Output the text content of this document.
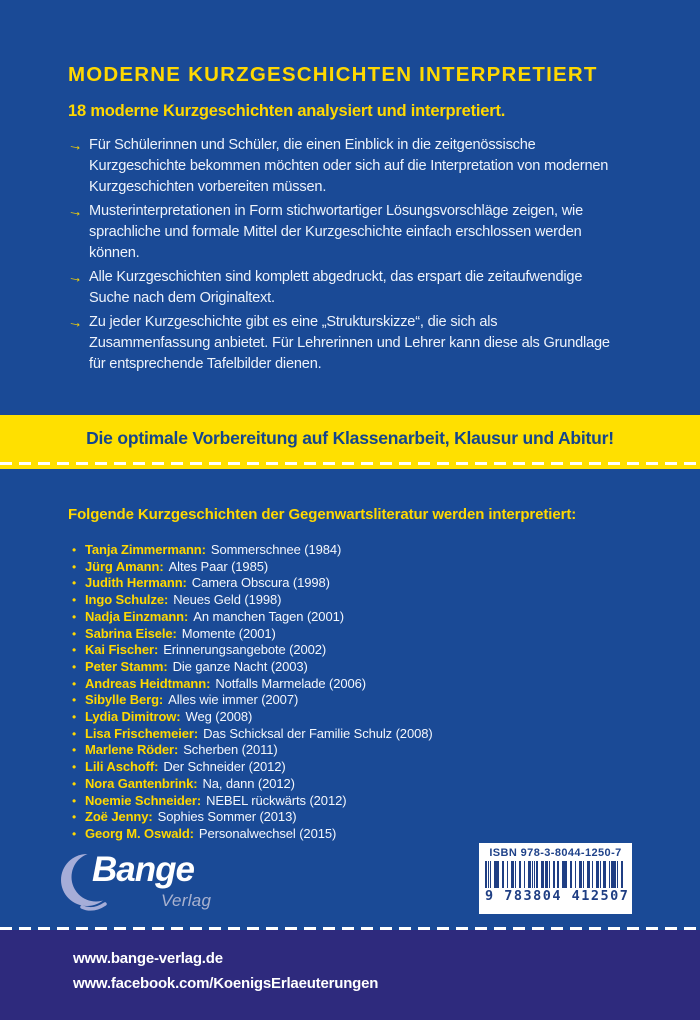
MODERNE KURZGESCHICHTEN INTERPRETIERT

18 moderne Kurzgeschichten analysiert und interpretiert.

→ Für Schülerinnen und Schüler, die einen Einblick in die zeitgenössische Kurzgeschichte bekommen möchten oder sich auf die Interpretation von modernen Kurzgeschichten vorbereiten müssen.

→ Musterinterpretationen in Form stichwortartiger Lösungsvorschläge zeigen, wie sprachliche und formale Mittel der Kurzgeschichte einfach erschlossen werden können.

→ Alle Kurzgeschichten sind komplett abgedruckt, das erspart die zeitaufwendige Suche nach dem Originaltext.

→ Zu jeder Kurzgeschichte gibt es eine „Strukturskizze“, die sich als Zusammenfassung anbietet. Für Lehrerinnen und Lehrer kann diese als Grundlage für entsprechende Tafelbilder dienen.

Die optimale Vorbereitung auf Klassenarbeit, Klausur und Abitur!
Folgende Kurzgeschichten der Gegenwartsliteratur werden interpretiert:
• Tanja Zimmermann: Sommerschnee (1984)
• Jürg Amann: Altes Paar (1985)
• Judith Hermann: Camera Obscura (1998)
• Ingo Schulze: Neues Geld (1998)
• Nadja Einzmann: An manchen Tagen (2001)
• Sabrina Eisele: Momente (2001)
• Kai Fischer: Erinnerungsangebote (2002)
• Peter Stamm: Die ganze Nacht (2003)
• Andreas Heidtmann: Notfalls Marmelade (2006)
• Sibylle Berg: Alles wie immer (2007)
• Lydia Dimitrow: Weg (2008)
• Lisa Frischemeier: Das Schicksal der Familie Schulz (2008)
• Marlene Röder: Scherben (2011)
• Lili Aschoff: Der Schneider (2012)
• Nora Gantenbrink: Na, dann (2012)
• Noemie Schneider: NEBEL rückwärts (2012)
• Zoë Jenny: Sophies Sommer (2013)
• Georg M. Oswald: Personalwechsel (2015)
Bange
Verlag
ISBN 978-3-8044-1250-7
9 783804 412507
www.bange-verlag.de
www.facebook.com/KoenigsErlaeuterungen
